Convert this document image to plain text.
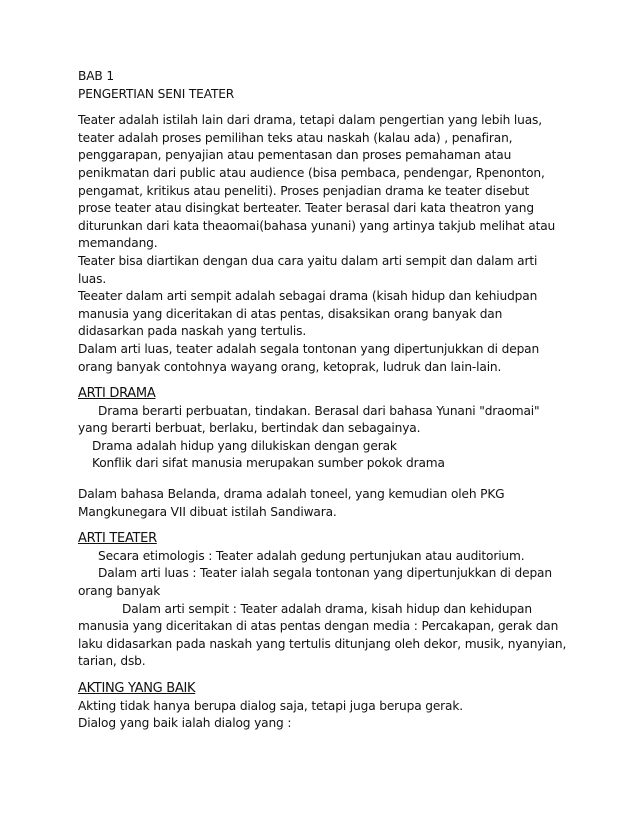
BAB 1
PENGERTIAN SENI TEATER
Teater adalah istilah lain dari drama, tetapi dalam pengertian yang lebih luas,
teater adalah proses pemilihan teks atau naskah (kalau ada) , penafiran,
penggarapan, penyajian atau pementasan dan proses pemahaman atau
penikmatan dari public atau audience (bisa pembaca, pendengar, Rpenonton,
pengamat, kritikus atau peneliti). Proses penjadian drama ke teater disebut
prose teater atau disingkat berteater. Teater berasal dari kata theatron yang
diturunkan dari kata theaomai(bahasa yunani) yang artinya takjub melihat atau
memandang.
Teater bisa diartikan dengan dua cara yaitu dalam arti sempit dan dalam arti
luas.
Teeater dalam arti sempit adalah sebagai drama (kisah hidup dan kehiudpan
manusia yang diceritakan di atas pentas, disaksikan orang banyak dan
didasarkan pada naskah yang tertulis.
Dalam arti luas, teater adalah segala tontonan yang dipertunjukkan di depan
orang banyak contohnya wayang orang, ketoprak, ludruk dan lain-lain.
ARTI DRAMA
Drama berarti perbuatan, tindakan. Berasal dari bahasa Yunani "draomai"
yang berarti berbuat, berlaku, bertindak dan sebagainya.
Drama adalah hidup yang dilukiskan dengan gerak
Konflik dari sifat manusia merupakan sumber pokok drama
Dalam bahasa Belanda, drama adalah toneel, yang kemudian oleh PKG
Mangkunegara VII dibuat istilah Sandiwara.
ARTI TEATER
Secara etimologis : Teater adalah gedung pertunjukan atau auditorium.
Dalam arti luas : Teater ialah segala tontonan yang dipertunjukkan di depan
orang banyak
Dalam arti sempit : Teater adalah drama, kisah hidup dan kehidupan
manusia yang diceritakan di atas pentas dengan media : Percakapan, gerak dan
laku didasarkan pada naskah yang tertulis ditunjang oleh dekor, musik, nyanyian,
tarian, dsb.
AKTING YANG BAIK
Akting tidak hanya berupa dialog saja, tetapi juga berupa gerak.
Dialog yang baik ialah dialog yang :
